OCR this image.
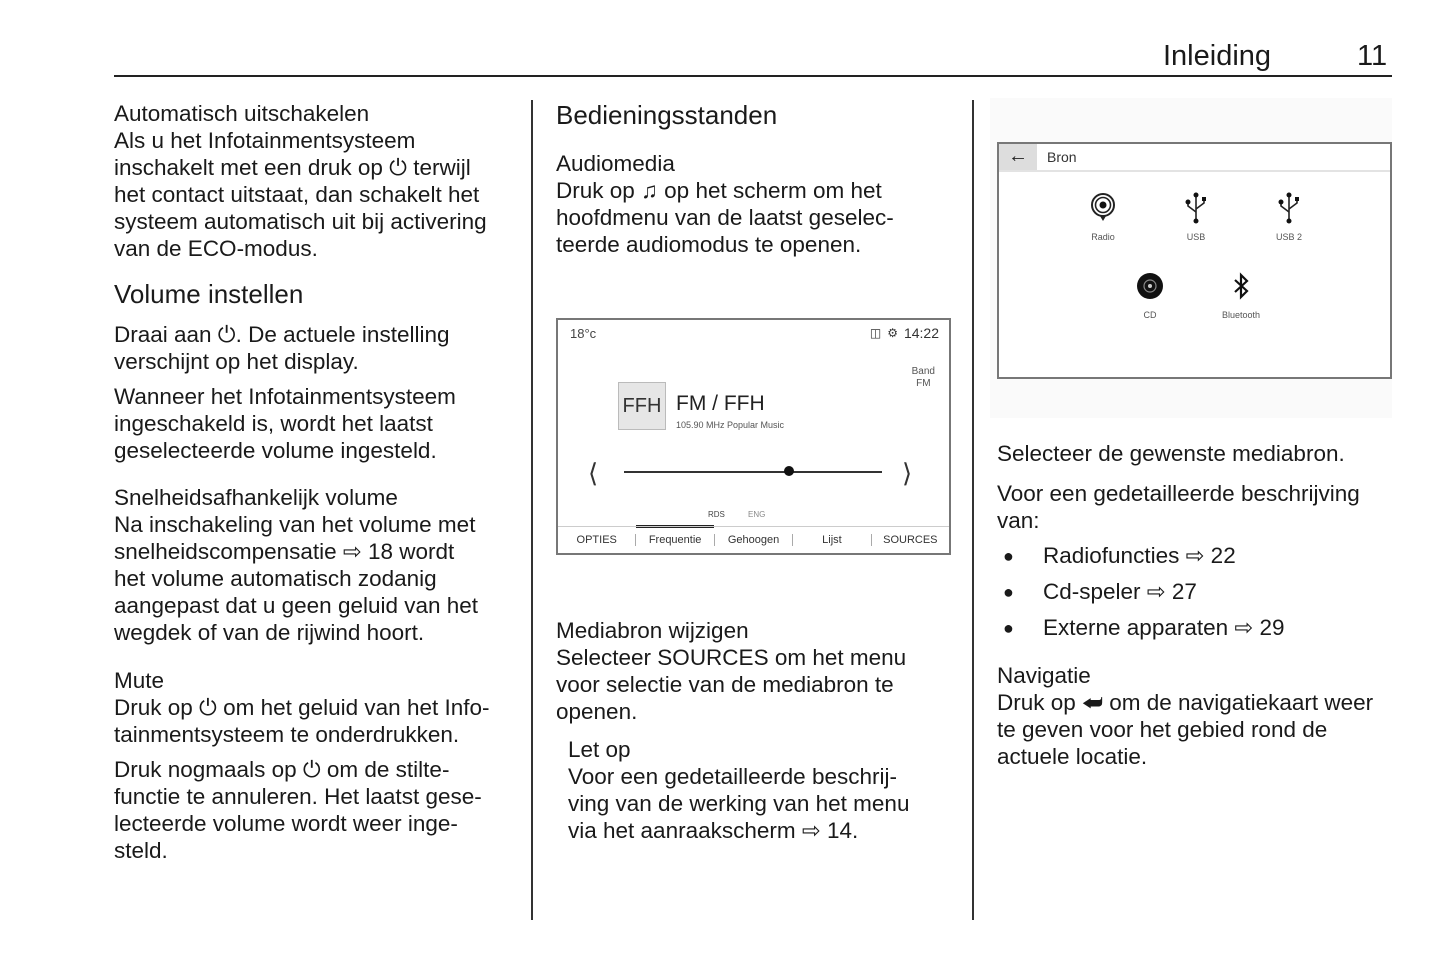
Inleiding	11

Automatisch uitschakelen

Als u het Infotainmentsysteem
inschakelt met een druk op ⏻ terwijl
het contact uitstaat, dan schakelt het
systeem automatisch uit bij activering
van de ECO-modus.

Volume instellen

Draai aan ⏻. De actuele instelling
verschijnt op het display.

Wanneer het Infotainmentsysteem
ingeschakeld is, wordt het laatst
geselecteerde volume ingesteld.

Snelheidsafhankelijk volume

Na inschakeling van het volume met
snelheidscompensatie ⇨ 18 wordt
het volume automatisch zodanig
aangepast dat u geen geluid van het
wegdek of van de rijwind hoort.

Mute

Druk op ⏻ om het geluid van het Info-
tainmentsysteem te onderdrukken.

Druk nogmaals op ⏻ om de stilte-
functie te annuleren. Het laatst gese-
lecteerde volume wordt weer inge-
steld.

Bedieningsstanden

Audiomedia

Druk op ♫ op het scherm om het
hoofdmenu van de laatst geselec-
teerde audiomodus te openen.

18°c	◫ ⚙ 14:22
Band
FM
FFH FM / FFH
105.90 MHz Popular Music
⟨	⟩
RDS	ENG
OPTIES	Frequentie	Gehoogen	Lijst	SOURCES

Mediabron wijzigen

Selecteer SOURCES om het menu
voor selectie van de mediabron te
openen.

Let op

Voor een gedetailleerde beschrij-
ving van de werking van het menu
via het aanraakscherm ⇨ 14.

←	Bron
Radio	USB	USB 2
CD	Bluetooth

Selecteer de gewenste mediabron.

Voor een gedetailleerde beschrijving
van:

● Radiofuncties ⇨ 22
● Cd-speler ⇨ 27
● Externe apparaten ⇨ 29

Navigatie

Druk op ⮨ om de navigatiekaart weer
te geven voor het gebied rond de
actuele locatie.
